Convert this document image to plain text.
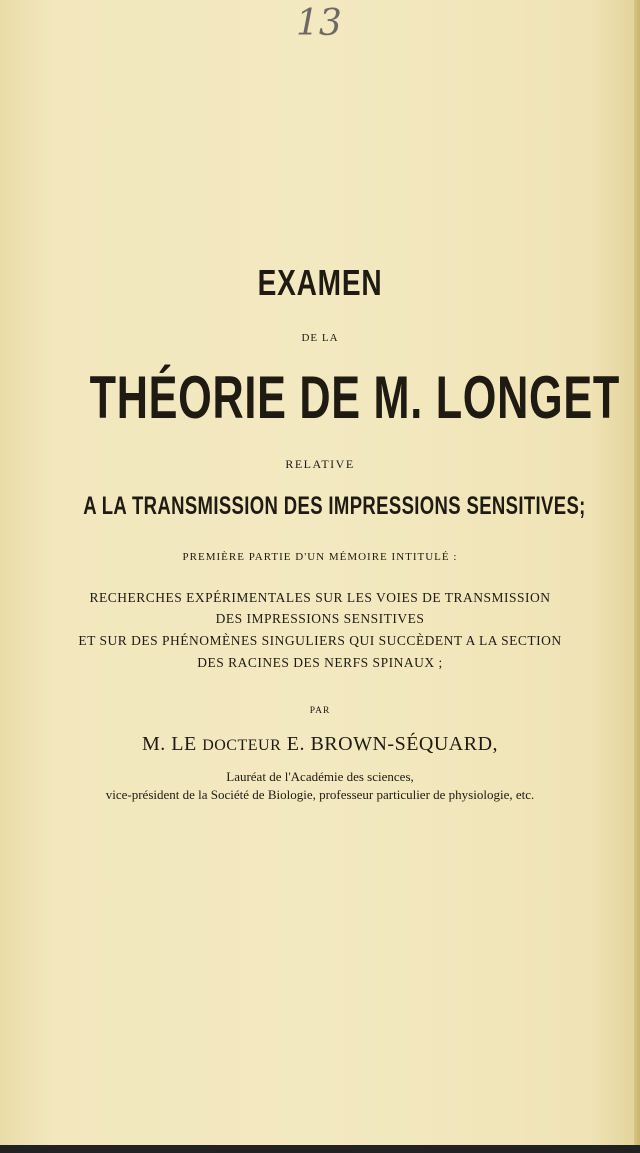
13
EXAMEN
DE LA
THÉORIE DE M. LONGET
RELATIVE
A LA TRANSMISSION DES IMPRESSIONS SENSITIVES;
PREMIÈRE PARTIE D'UN MÉMOIRE INTITULÉ :
RECHERCHES EXPÉRIMENTALES SUR LES VOIES DE TRANSMISSION
DES IMPRESSIONS SENSITIVES
ET SUR DES PHÉNOMÈNES SINGULIERS QUI SUCCÈDENT A LA SECTION
DES RACINES DES NERFS SPINAUX ;
PAR
M. LE DOCTEUR E. BROWN-SÉQUARD,
Lauréat de l'Académie des sciences,
vice-président de la Société de Biologie, professeur particulier de physiologie, etc.
